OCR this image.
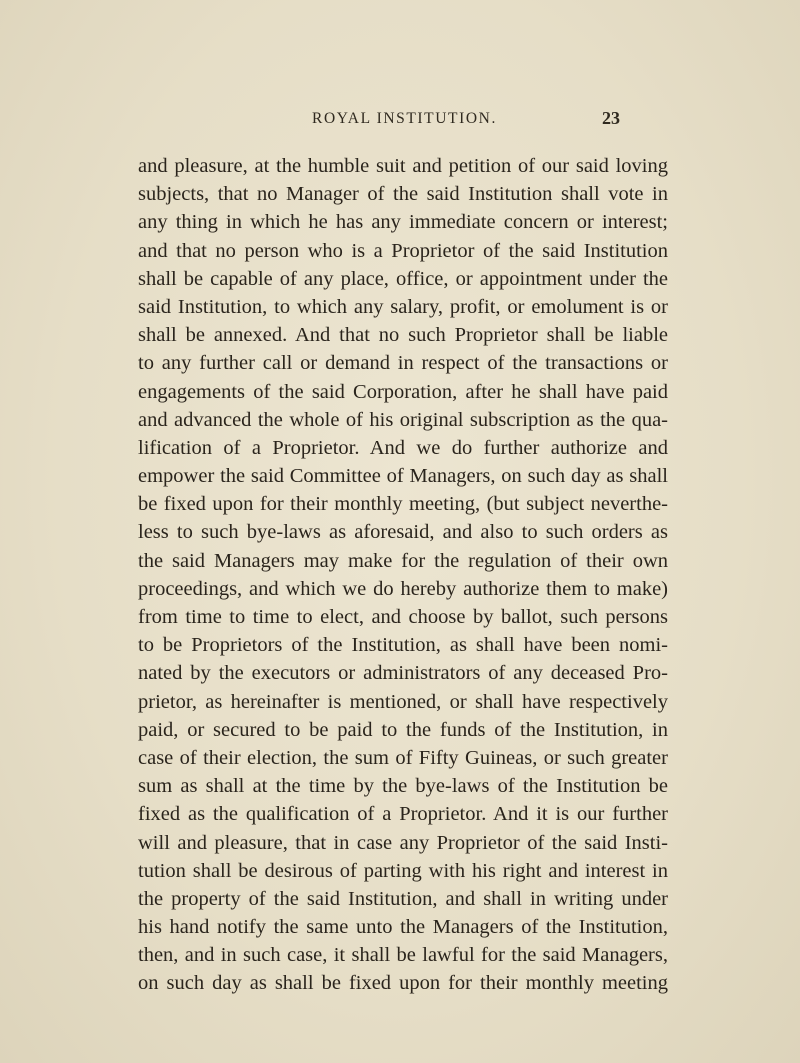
ROYAL INSTITUTION.	23
and pleasure, at the humble suit and petition of our said loving
subjects, that no Manager of the said Institution shall vote in
any thing in which he has any immediate concern or interest;
and that no person who is a Proprietor of the said Institution
shall be capable of any place, office, or appointment under the
said Institution, to which any salary, profit, or emolument is or
shall be annexed. And that no such Proprietor shall be liable
to any further call or demand in respect of the transactions or
engagements of the said Corporation, after he shall have paid
and advanced the whole of his original subscription as the qua-
lification of a Proprietor. And we do further authorize and
empower the said Committee of Managers, on such day as shall
be fixed upon for their monthly meeting, (but subject neverthe-
less to such bye-laws as aforesaid, and also to such orders as
the said Managers may make for the regulation of their own
proceedings, and which we do hereby authorize them to make)
from time to time to elect, and choose by ballot, such persons
to be Proprietors of the Institution, as shall have been nomi-
nated by the executors or administrators of any deceased Pro-
prietor, as hereinafter is mentioned, or shall have respectively
paid, or secured to be paid to the funds of the Institution, in
case of their election, the sum of Fifty Guineas, or such greater
sum as shall at the time by the bye-laws of the Institution be
fixed as the qualification of a Proprietor. And it is our further
will and pleasure, that in case any Proprietor of the said Insti-
tution shall be desirous of parting with his right and interest in
the property of the said Institution, and shall in writing under
his hand notify the same unto the Managers of the Institution,
then, and in such case, it shall be lawful for the said Managers,
on such day as shall be fixed upon for their monthly meeting
